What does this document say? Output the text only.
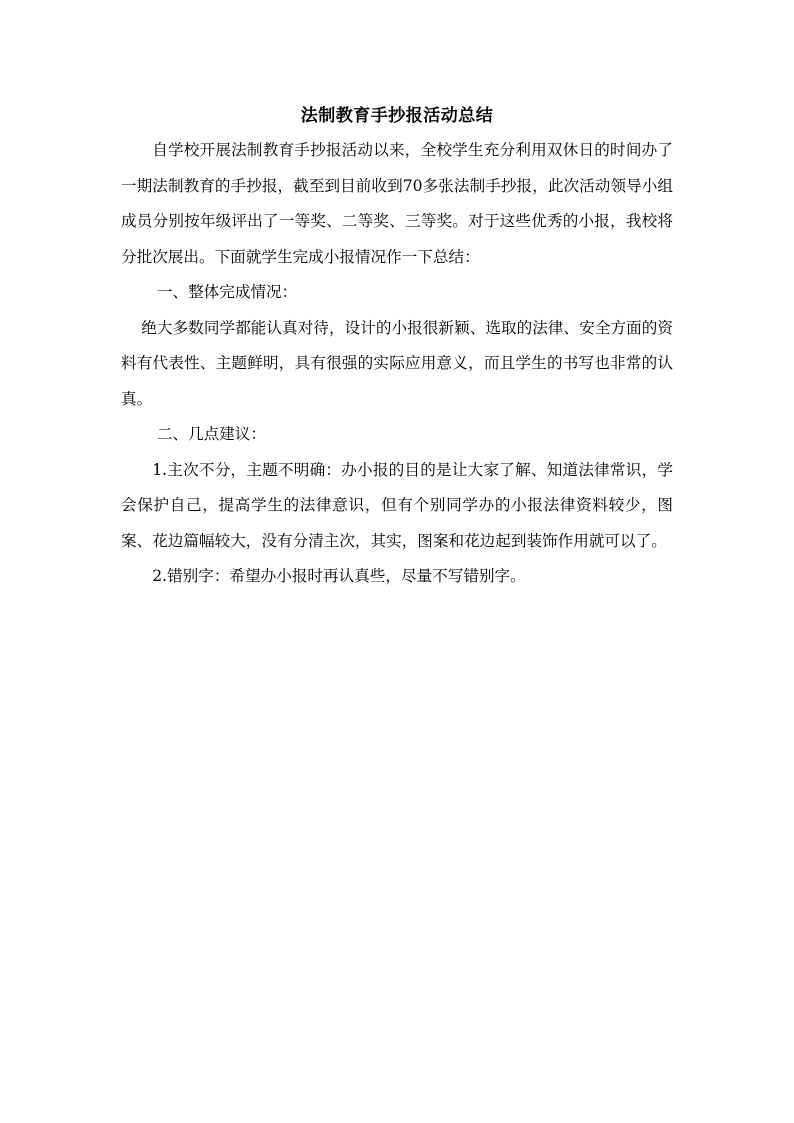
法制教育手抄报活动总结

自学校开展法制教育手抄报活动以来，全校学生充分利用双休日的时间办了一期法制教育的手抄报，截至到目前收到70多张法制手抄报，此次活动领导小组成员分别按年级评出了一等奖、二等奖、三等奖。对于这些优秀的小报，我校将分批次展出。下面就学生完成小报情况作一下总结：

一、整体完成情况：

绝大多数同学都能认真对待，设计的小报很新颖、选取的法律、安全方面的资料有代表性、主题鲜明，具有很强的实际应用意义，而且学生的书写也非常的认真。

二、几点建议：

1.主次不分，主题不明确：办小报的目的是让大家了解、知道法律常识，学会保护自己，提高学生的法律意识，但有个别同学办的小报法律资料较少，图案、花边篇幅较大，没有分清主次，其实，图案和花边起到装饰作用就可以了。

2.错别字：希望办小报时再认真些，尽量不写错别字。
